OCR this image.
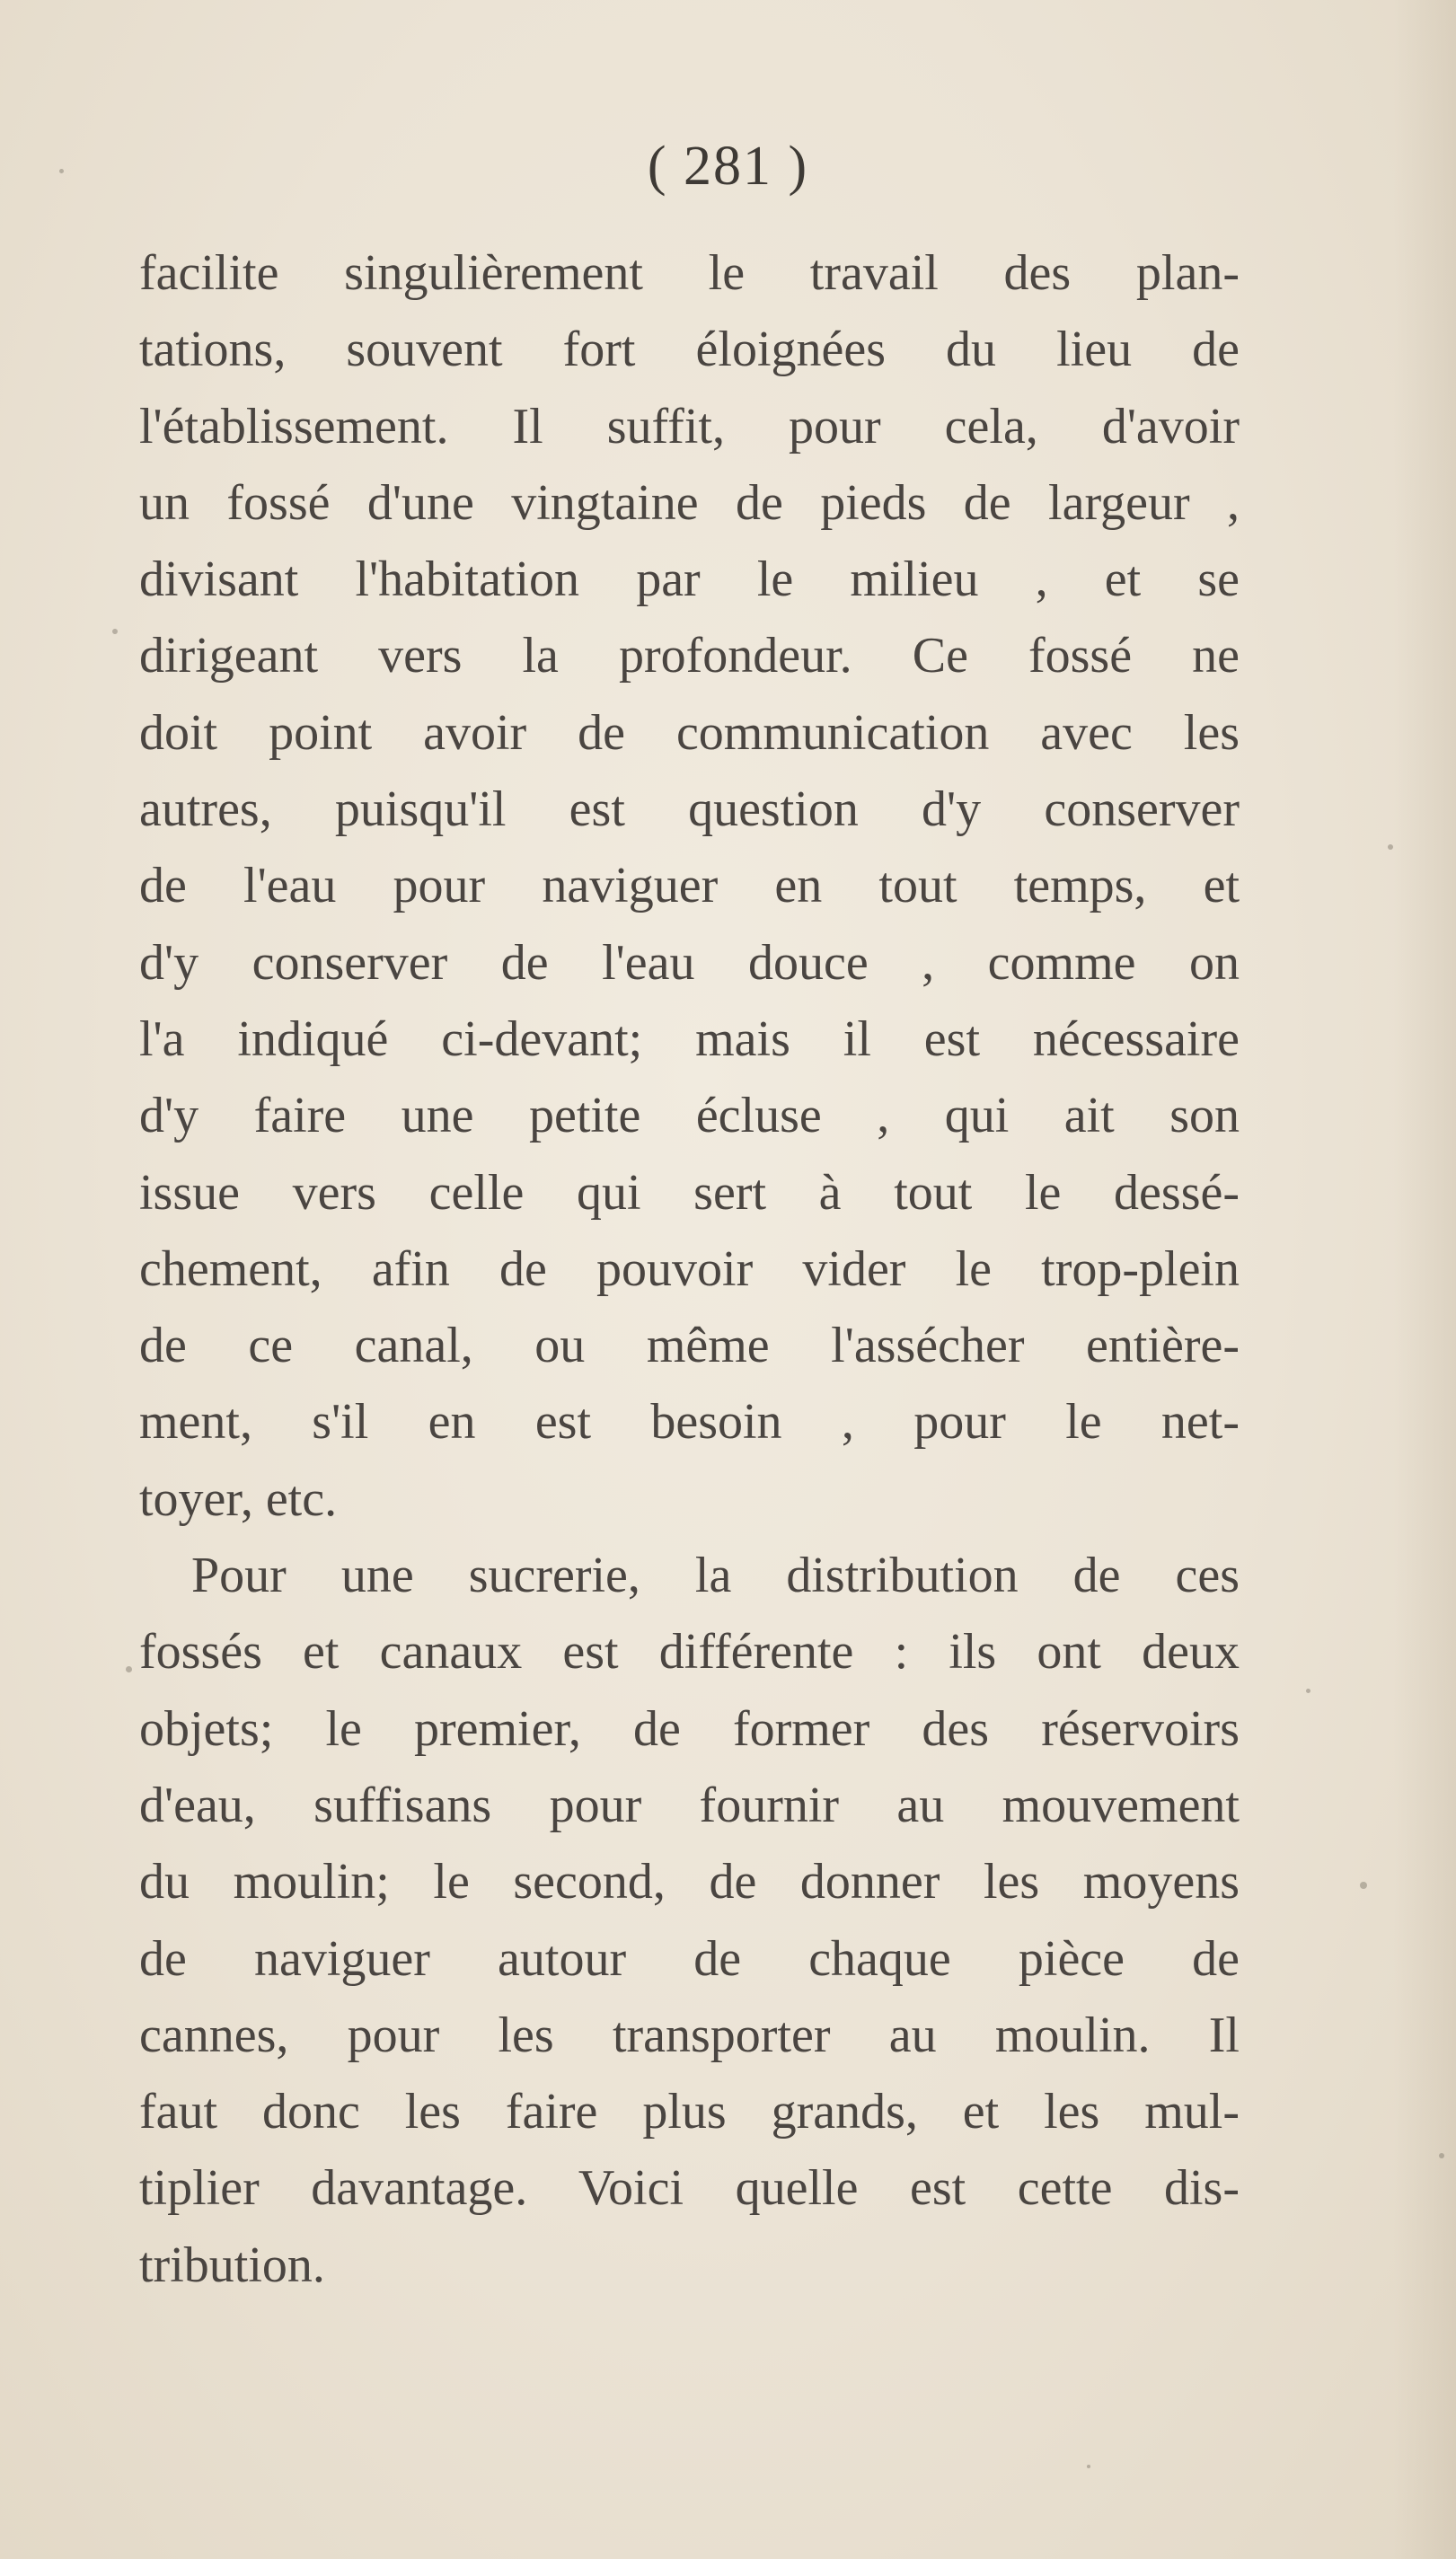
( 281 )
facilite singulièrement le travail des plan-
tations, souvent fort éloignées du lieu de
l'établissement. Il suffit, pour cela, d'avoir
un fossé d'une vingtaine de pieds de largeur ,
divisant l'habitation par le milieu , et se
dirigeant vers la profondeur. Ce fossé ne
doit point avoir de communication avec les
autres, puisqu'il est question d'y conserver
de l'eau pour naviguer en tout temps, et
d'y conserver de l'eau douce , comme on
l'a indiqué ci-devant; mais il est nécessaire
d'y faire une petite écluse , qui ait son
issue vers celle qui sert à tout le dessé-
chement, afin de pouvoir vider le trop-plein
de ce canal, ou même l'assécher entière-
ment, s'il en est besoin , pour le net-
toyer, etc.
Pour une sucrerie, la distribution de ces
fossés et canaux est différente : ils ont deux
objets; le premier, de former des réservoirs
d'eau, suffisans pour fournir au mouvement
du moulin; le second, de donner les moyens
de naviguer autour de chaque pièce de
cannes, pour les transporter au moulin. Il
faut donc les faire plus grands, et les mul-
tiplier davantage. Voici quelle est cette dis-
tribution.
